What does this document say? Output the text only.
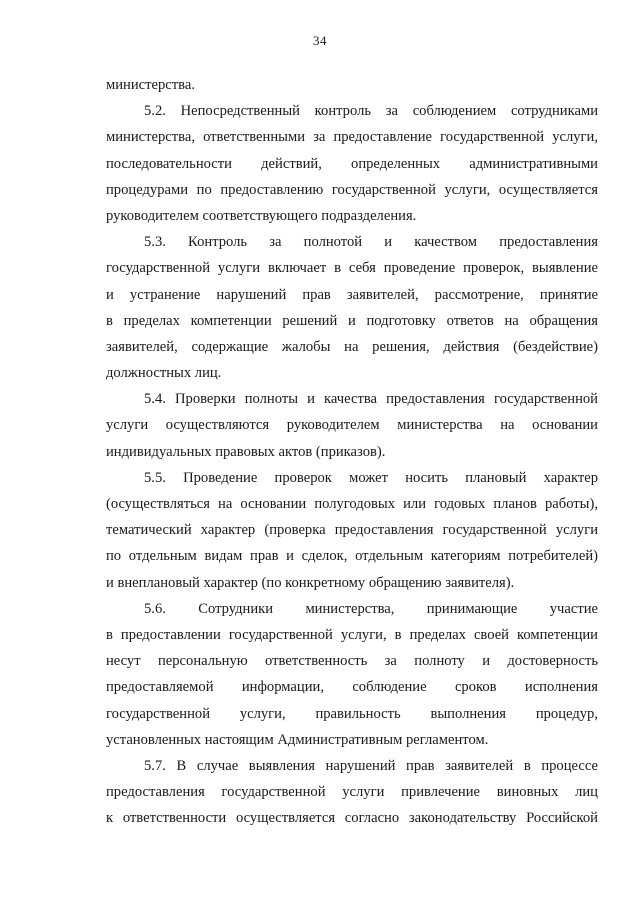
34
министерства.
5.2. Непосредственный контроль за соблюдением сотрудниками
министерства, ответственными за предоставление государственной услуги,
последовательности действий, определенных административными
процедурами по предоставлению государственной услуги, осуществляется
руководителем соответствующего подразделения.
5.3. Контроль за полнотой и качеством предоставления
государственной услуги включает в себя проведение проверок, выявление
и устранение нарушений прав заявителей, рассмотрение, принятие
в пределах компетенции решений и подготовку ответов на обращения
заявителей, содержащие жалобы на решения, действия (бездействие)
должностных лиц.
5.4. Проверки полноты и качества предоставления государственной
услуги осуществляются руководителем министерства на основании
индивидуальных правовых актов (приказов).
5.5. Проведение проверок может носить плановый характер
(осуществляться на основании полугодовых или годовых планов работы),
тематический характер (проверка предоставления государственной услуги
по отдельным видам прав и сделок, отдельным категориям потребителей)
и внеплановый характер (по конкретному обращению заявителя).
5.6. Сотрудники министерства, принимающие участие
в предоставлении государственной услуги, в пределах своей компетенции
несут персональную ответственность за полноту и достоверность
предоставляемой информации, соблюдение сроков исполнения
государственной услуги, правильность выполнения процедур,
установленных настоящим Административным регламентом.
5.7. В случае выявления нарушений прав заявителей в процессе
предоставления государственной услуги привлечение виновных лиц
к ответственности осуществляется согласно законодательству Российской
